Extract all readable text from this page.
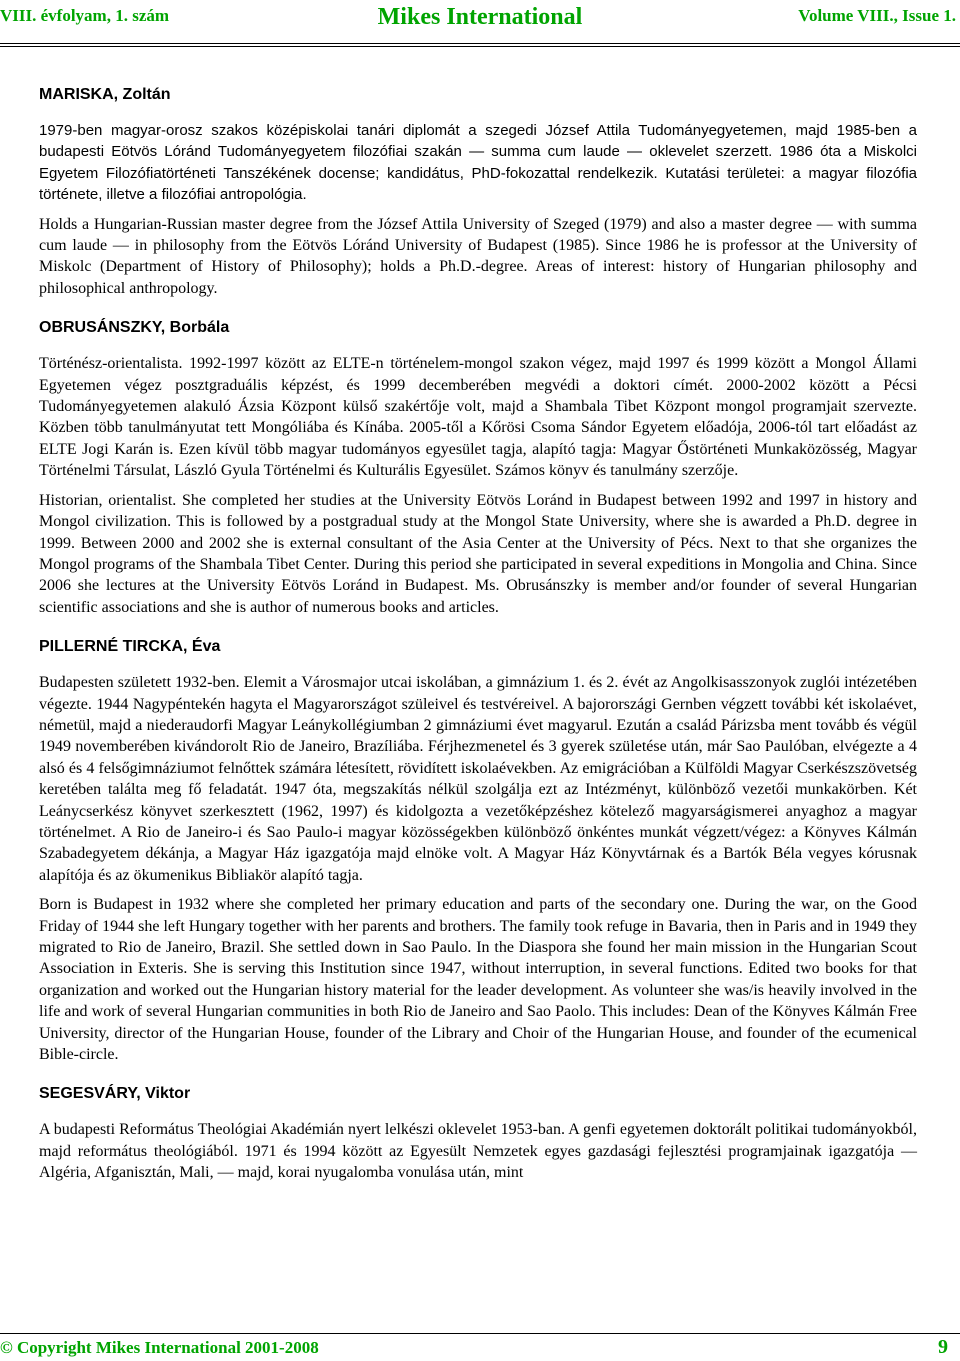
VIII. évfolyam, 1. szám	Mikes International	Volume VIII., Issue 1.
MARISKA, Zoltán

1979-ben magyar-orosz szakos középiskolai tanári diplomát a szegedi József Attila Tudományegyetemen, majd 1985-ben a budapesti Eötvös Lóránd Tudományegyetem filozófiai szakán — summa cum laude — oklevelet szerzett. 1986 óta a Miskolci Egyetem Filozófiatörténeti Tanszékének docense; kandidátus, PhD-fokozattal rendelkezik. Kutatási területei: a magyar filozófia története, illetve a filozófiai antropológia.

Holds a Hungarian-Russian master degree from the József Attila University of Szeged (1979) and also a master degree — with summa cum laude — in philosophy from the Eötvös Lóránd University of Budapest (1985). Since 1986 he is professor at the University of Miskolc (Department of History of Philosophy); holds a Ph.D.-degree. Areas of interest: history of Hungarian philosophy and philosophical anthropology.

OBRUSÁNSZKY, Borbála

Történész-orientalista. 1992-1997 között az ELTE-n történelem-mongol szakon végez, majd 1997 és 1999 között a Mongol Állami Egyetemen végez posztgraduális képzést, és 1999 decemberében megvédi a doktori címét. 2000-2002 között a Pécsi Tudományegyetemen alakuló Ázsia Központ külső szakértője volt, majd a Shambala Tibet Központ mongol programjait szervezte. Közben több tanulmányutat tett Mongóliába és Kínába. 2005-től a Kőrösi Csoma Sándor Egyetem előadója, 2006-tól tart előadást az ELTE Jogi Karán is. Ezen kívül több magyar tudományos egyesület tagja, alapító tagja: Magyar Őstörténeti Munkaközösség, Magyar Történelmi Társulat, László Gyula Történelmi és Kulturális Egyesület. Számos könyv és tanulmány szerzője.

Historian, orientalist. She completed her studies at the University Eötvös Loránd in Budapest between 1992 and 1997 in history and Mongol civilization. This is followed by a postgradual study at the Mongol State University, where she is awarded a Ph.D. degree in 1999. Between 2000 and 2002 she is external consultant of the Asia Center at the University of Pécs. Next to that she organizes the Mongol programs of the Shambala Tibet Center. During this period she participated in several expeditions in Mongolia and China. Since 2006 she lectures at the University Eötvös Loránd in Budapest. Ms. Obrusánszky is member and/or founder of several Hungarian scientific associations and she is author of numerous books and articles.

PILLERNÉ TIRCKA, Éva

Budapesten született 1932-ben. Elemit a Városmajor utcai iskolában, a gimnázium 1. és 2. évét az Angolkisasszonyok zuglói intézetében végezte. 1944 Nagypéntekén hagyta el Magyarországot szüleivel és testvéreivel. A bajorországi Gernben végzett további két iskolaévet, németül, majd a niederaudorfi Magyar Leánykollégiumban 2 gimnáziumi évet magyarul. Ezután a család Párizsba ment tovább és végül 1949 novemberében kivándorolt Rio de Janeiro, Brazíliába. Férjhezmenetel és 3 gyerek születése után, már Sao Paulóban, elvégezte a 4 alsó és 4 felsőgimnáziumot felnőttek számára létesített, rövidített iskolaévekben. Az emigrációban a Külföldi Magyar Cserkészszövetség keretében találta meg fő feladatát. 1947 óta, megszakítás nélkül szolgálja ezt az Intézményt, különböző vezetői munkakörben. Két Leánycserkész könyvet szerkesztett (1962, 1997) és kidolgozta a vezetőképzéshez kötelező magyarságismerei anyaghoz a magyar történelmet. A Rio de Janeiro-i és Sao Paulo-i magyar közösségekben különböző önkéntes munkát végzett/végez: a Könyves Kálmán Szabadegyetem dékánja, a Magyar Ház igazgatója majd elnöke volt. A Magyar Ház Könyvtárnak és a Bartók Béla vegyes kórusnak alapítója és az ökumenikus Bibliakör alapító tagja.

Born is Budapest in 1932 where she completed her primary education and parts of the secondary one. During the war, on the Good Friday of 1944 she left Hungary together with her parents and brothers. The family took refuge in Bavaria, then in Paris and in 1949 they migrated to Rio de Janeiro, Brazil. She settled down in Sao Paulo. In the Diaspora she found her main mission in the Hungarian Scout Association in Exteris. She is serving this Institution since 1947, without interruption, in several functions. Edited two books for that organization and worked out the Hungarian history material for the leader development. As volunteer she was/is heavily involved in the life and work of several Hungarian communities in both Rio de Janeiro and Sao Paolo. This includes: Dean of the Könyves Kálmán Free University, director of the Hungarian House, founder of the Library and Choir of the Hungarian House, and founder of the ecumenical Bible-circle.

SEGESVÁRY, Viktor

A budapesti Református Theológiai Akadémián nyert lelkészi oklevelet 1953-ban. A genfi egyetemen doktorált politikai tudományokból, majd református theológiából. 1971 és 1994 között az Egyesült Nemzetek egyes gazdasági fejlesztési programjainak igazgatója — Algéria, Afganisztán, Mali, — majd, korai nyugalomba vonulása után, mint

© Copyright Mikes International 2001-2008	9
